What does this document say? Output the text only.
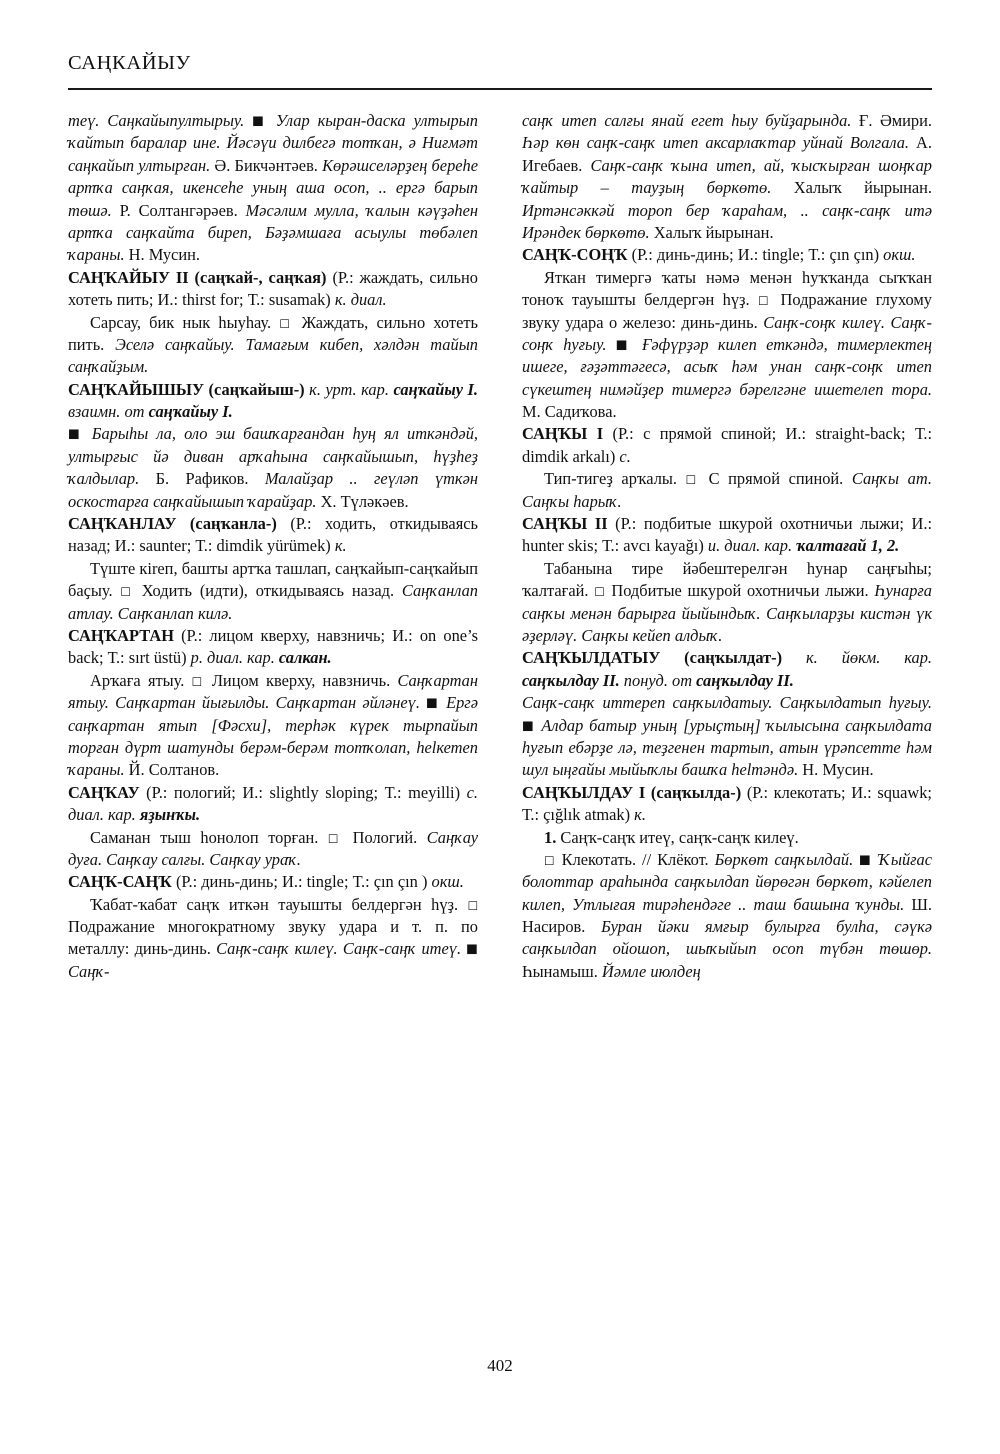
САҢКАЙЫУ

теү. Саңкайыпултырыу. ■ Улар кыран-даска ултырып ҡайтып баралар ине. Йәсәүи дилбегә тотҡан, ә Ниғмәт саңкайып ултырған. Ә. Бикчәнтәев. Көрәшселәрҙең береһе артҡа саңҡая, икенсеһе уның аша осоп, .. ергә барып төшә. Р. Солтангәрәев. Мәсәлим мулла, ҡалын кәүҙәһен артҡа саңҡайта биреп, Бәҙәмшаға асыулы төбәлеп ҡараны. Н. Мусин.

САҢҠАЙЫУ II (саңҡай-, саңҡая) (Р.: жаждать, сильно хотеть пить; И.: thirst for; Т.: susamak) к. диал.

Сарсау, бик нык һыуһау. □ Жаждать, сильно хотеть пить. Эселә саңҡайыу. Тамағым кибеп, хәлдән тайып саңҡайҙым.

САҢҠАЙЫШЫУ (саңҡайыш-) к. урт. кар. саңҡайыу I. взаимн. от саңҡайыу I.

■ Барыһы ла, оло эш башҡарғандан һуң ял иткәндәй, ултырғыс йә диван арҡаһына саңҡайышып, һүҙһеҙ ҡалдылар. Б. Рафиков. Малайҙар .. геүләп үткән оскостарға саңҡайышып ҡарайҙар. Х. Түләкәев.

САҢҠАНЛАУ (саңҡанла-) (Р.: ходить, откидываясь назад; И.: saunter; Т.: dimdik yürümek) к.

Түште кireп, башты артҡа ташлап, саңҡайып-саңҡайып баҫыу. □ Ходить (идти), откидываясь назад. Саңҡанлап атлау. Саңҡанлап килә.

САҢҠАРТАН (Р.: лицом кверху, навзничь; И.: on one’s back; Т.: sırt üstü) р. диал. кар. салкан.

Арҡаға ятыу. □ Лицом кверху, навзничь. Саңҡартан ятыу. Саңҡартан йығылды. Саңҡартан әйләнеү. ■ Ергә саңҡартан ятып [Фәсхи], терһәк күрек тырпайып торған дүрт шатунды берәм-берәм тотҡолап, һelкетеп ҡараны. Й. Солтанов.

САҢҠАУ (Р.: пологий; И.: slightly sloping; Т.: meyilli) с. диал. кар. яҙынҡы.

Саманан тыш һонолоп торған. □ Пологий. Саңҡау дуға. Саңҡау салғы. Саңҡау ураҡ.

САҢҠ-САҢҠ (Р.: динь-динь; И.: tingle; Т.: çın çın ) окш.

Ҡабат-ҡабат саңҡ иткән тауышты белдергән һүҙ. □ Подражание многократному звуку удара и т. п. по металлу: динь-динь. Саңҡ-саңҡ килеү. Саңҡ-саңҡ итеү. ■ Саңҡ-

саңҡ итеп салғы янай егет һыу буйҙарында. Ғ. Әмири. Һәр көн саңҡ-саңҡ итеп аксарлаҡтар уйнай Волгала. А. Игебаев. Саңҡ-саңҡ ҡына итеп, ай, ҡысҡырған шоңҡар ҡайтыр – тауҙың бөркөтө. Халыҡ йырынан. Иртәнсәккәй тороп бер ҡараһам, .. саңҡ-саңҡ итә Ирәндек бөркөтө. Халыҡ йырынан.

САҢҠ-СОҢҠ (Р.: динь-динь; И.: tingle; Т.: çın çın) окш.

Яткан тимергә ҡаты нәмә менән һуҡҡанда сыҡҡан тоноҡ тауышты белдергән һүҙ. □ Подражание глухому звуку удара о железо: динь-динь. Саңҡ-соңҡ килеү. Саңҡ-соңҡ һуғыу. ■ Ғәфүрҙәр килеп еткәндә, тимерлектең ишеге, ғәҙәттәгесә, асыҡ һәм унан саңҡ-соңҡ итеп сүкештең нимәйҙер тимергә бәрелгәне ишетелеп тора. М. Садиҡова.

САҢҠЫ I (Р.: с прямой спиной; И.: straight-back; Т.: dimdik arkalı) с.

Тип-тигеҙ арҡалы. □ С прямой спиной. Саңҡы ат. Саңҡы һарыҡ.

САҢҠЫ II (Р.: подбитые шкурой охотничьи лыжи; И.: hunter skis; Т.: avcı kayağı) и. диал. кар. ҡалтағай 1, 2.

Табанына тире йәбештерелгән һунар саңғыһы; ҡалтағай. □ Подбитые шкурой охотничьи лыжи. Һунарға саңҡы менән барырға йыйындыҡ. Саңҡыларҙы кистән үк әҙерләү. Саңҡы кейеп алдыҡ.

САҢҠЫЛДАТЫУ (саңҡылдат-) к. йөкм. кар. саңҡылдау II. понуд. от саңҡылдау II.

Саңҡ-саңҡ иттереп саңҡылдатыу. Саңҡылдатып һуғыу. ■ Алдар батыр уның [урыҫтың] ҡылысына саңҡылдата һуғып ебәрҙе лә, теҙгенен тартып, атын үрәпсетте һәм шул ыңғайы мыйыҡлы башҡа һelтәндә. Н. Мусин.

САҢҠЫЛДАУ I (саңҡылда-) (Р.: клекотать; И.: squawk; Т.: çığlık atmak) к.

1. Саңҡ-саңҡ итеү, саңҡ-саңҡ килеү.

□ Клекотать. // Клёкот. Бөркөт саңҡылдай. ■ Ҡыйғас болоттар араһында саңҡылдап йөрөгән бөркөт, кәйелеп килеп, Утлығая тирәһендәге .. таш башына ҡунды. Ш. Насиров. Буран йәки ямғыр булырға булһа, сәүкә саңҡылдап ойошоп, шыҡыйып осоп түбән төшөр. Һынамыш. Йәмле июлдең

402
